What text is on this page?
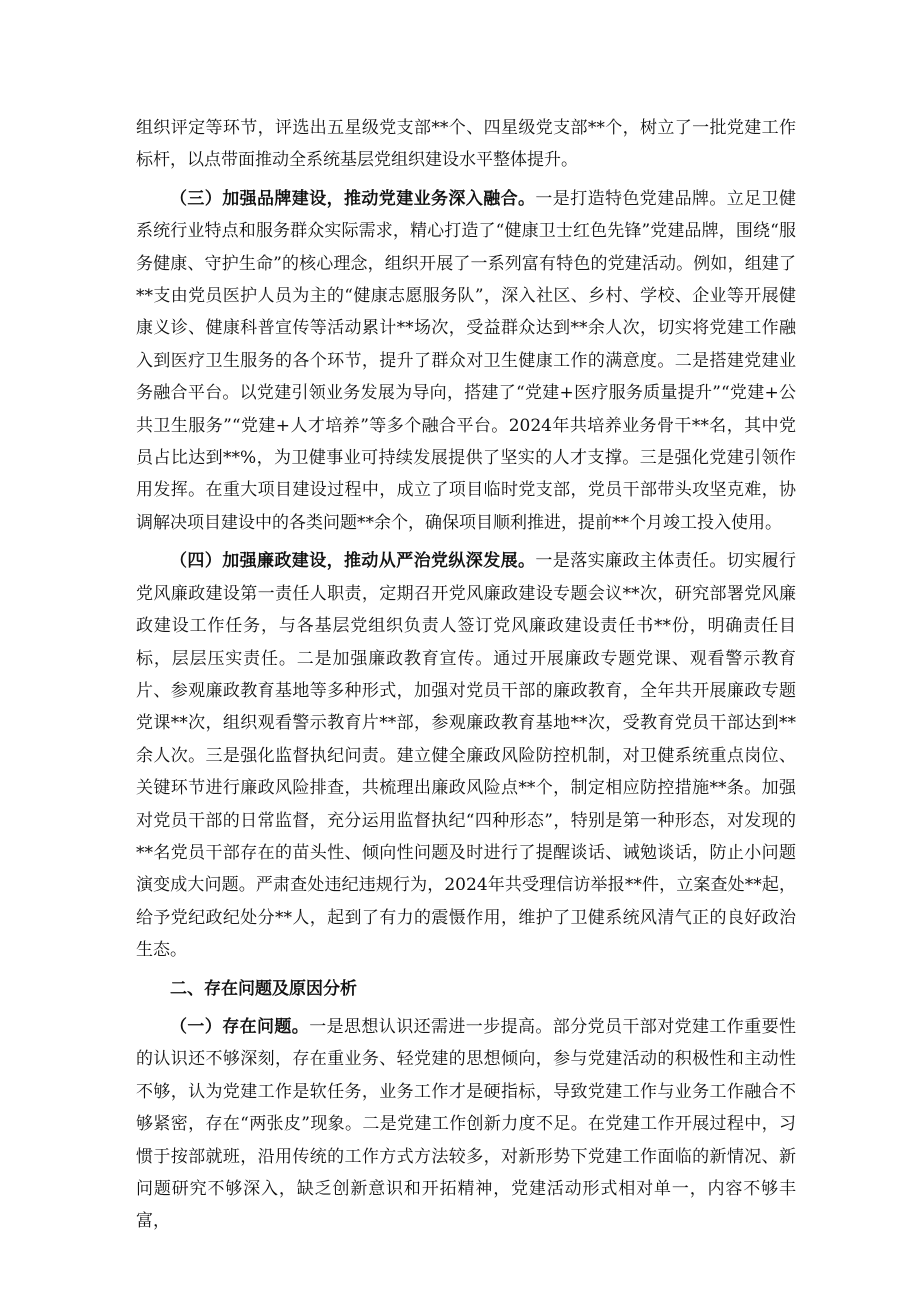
组织评定等环节，评选出五星级党支部**个、四星级党支部**个，树立了一批党建工作标杆，以点带面推动全系统基层党组织建设水平整体提升。

（三）加强品牌建设，推动党建业务深入融合。一是打造特色党建品牌。立足卫健系统行业特点和服务群众实际需求，精心打造了“健康卫士红色先锋”党建品牌，围绕“服务健康、守护生命”的核心理念，组织开展了一系列富有特色的党建活动。例如，组建了**支由党员医护人员为主的“健康志愿服务队”，深入社区、乡村、学校、企业等开展健康义诊、健康科普宣传等活动累计**场次，受益群众达到**余人次，切实将党建工作融入到医疗卫生服务的各个环节，提升了群众对卫生健康工作的满意度。二是搭建党建业务融合平台。以党建引领业务发展为导向，搭建了“党建+医疗服务质量提升”“党建+公共卫生服务”“党建+人才培养”等多个融合平台。2024年共培养业务骨干**名，其中党员占比达到**%，为卫健事业可持续发展提供了坚实的人才支撑。三是强化党建引领作用发挥。在重大项目建设过程中，成立了项目临时党支部，党员干部带头攻坚克难，协调解决项目建设中的各类问题**余个，确保项目顺利推进，提前**个月竣工投入使用。

（四）加强廉政建设，推动从严治党纵深发展。一是落实廉政主体责任。切实履行党风廉政建设第一责任人职责，定期召开党风廉政建设专题会议**次，研究部署党风廉政建设工作任务，与各基层党组织负责人签订党风廉政建设责任书**份，明确责任目标，层层压实责任。二是加强廉政教育宣传。通过开展廉政专题党课、观看警示教育片、参观廉政教育基地等多种形式，加强对党员干部的廉政教育，全年共开展廉政专题党课**次，组织观看警示教育片**部，参观廉政教育基地**次，受教育党员干部达到**余人次。三是强化监督执纪问责。建立健全廉政风险防控机制，对卫健系统重点岗位、关键环节进行廉政风险排查，共梳理出廉政风险点**个，制定相应防控措施**条。加强对党员干部的日常监督，充分运用监督执纪“四种形态”，特别是第一种形态，对发现的**名党员干部存在的苗头性、倾向性问题及时进行了提醒谈话、诫勉谈话，防止小问题演变成大问题。严肃查处违纪违规行为，2024年共受理信访举报**件，立案查处**起，给予党纪政纪处分**人，起到了有力的震慑作用，维护了卫健系统风清气正的良好政治生态。

二、存在问题及原因分析

（一）存在问题。一是思想认识还需进一步提高。部分党员干部对党建工作重要性的认识还不够深刻，存在重业务、轻党建的思想倾向，参与党建活动的积极性和主动性不够，认为党建工作是软任务，业务工作才是硬指标，导致党建工作与业务工作融合不够紧密，存在“两张皮”现象。二是党建工作创新力度不足。在党建工作开展过程中，习惯于按部就班，沿用传统的工作方式方法较多，对新形势下党建工作面临的新情况、新问题研究不够深入，缺乏创新意识和开拓精神，党建活动形式相对单一，内容不够丰富，
